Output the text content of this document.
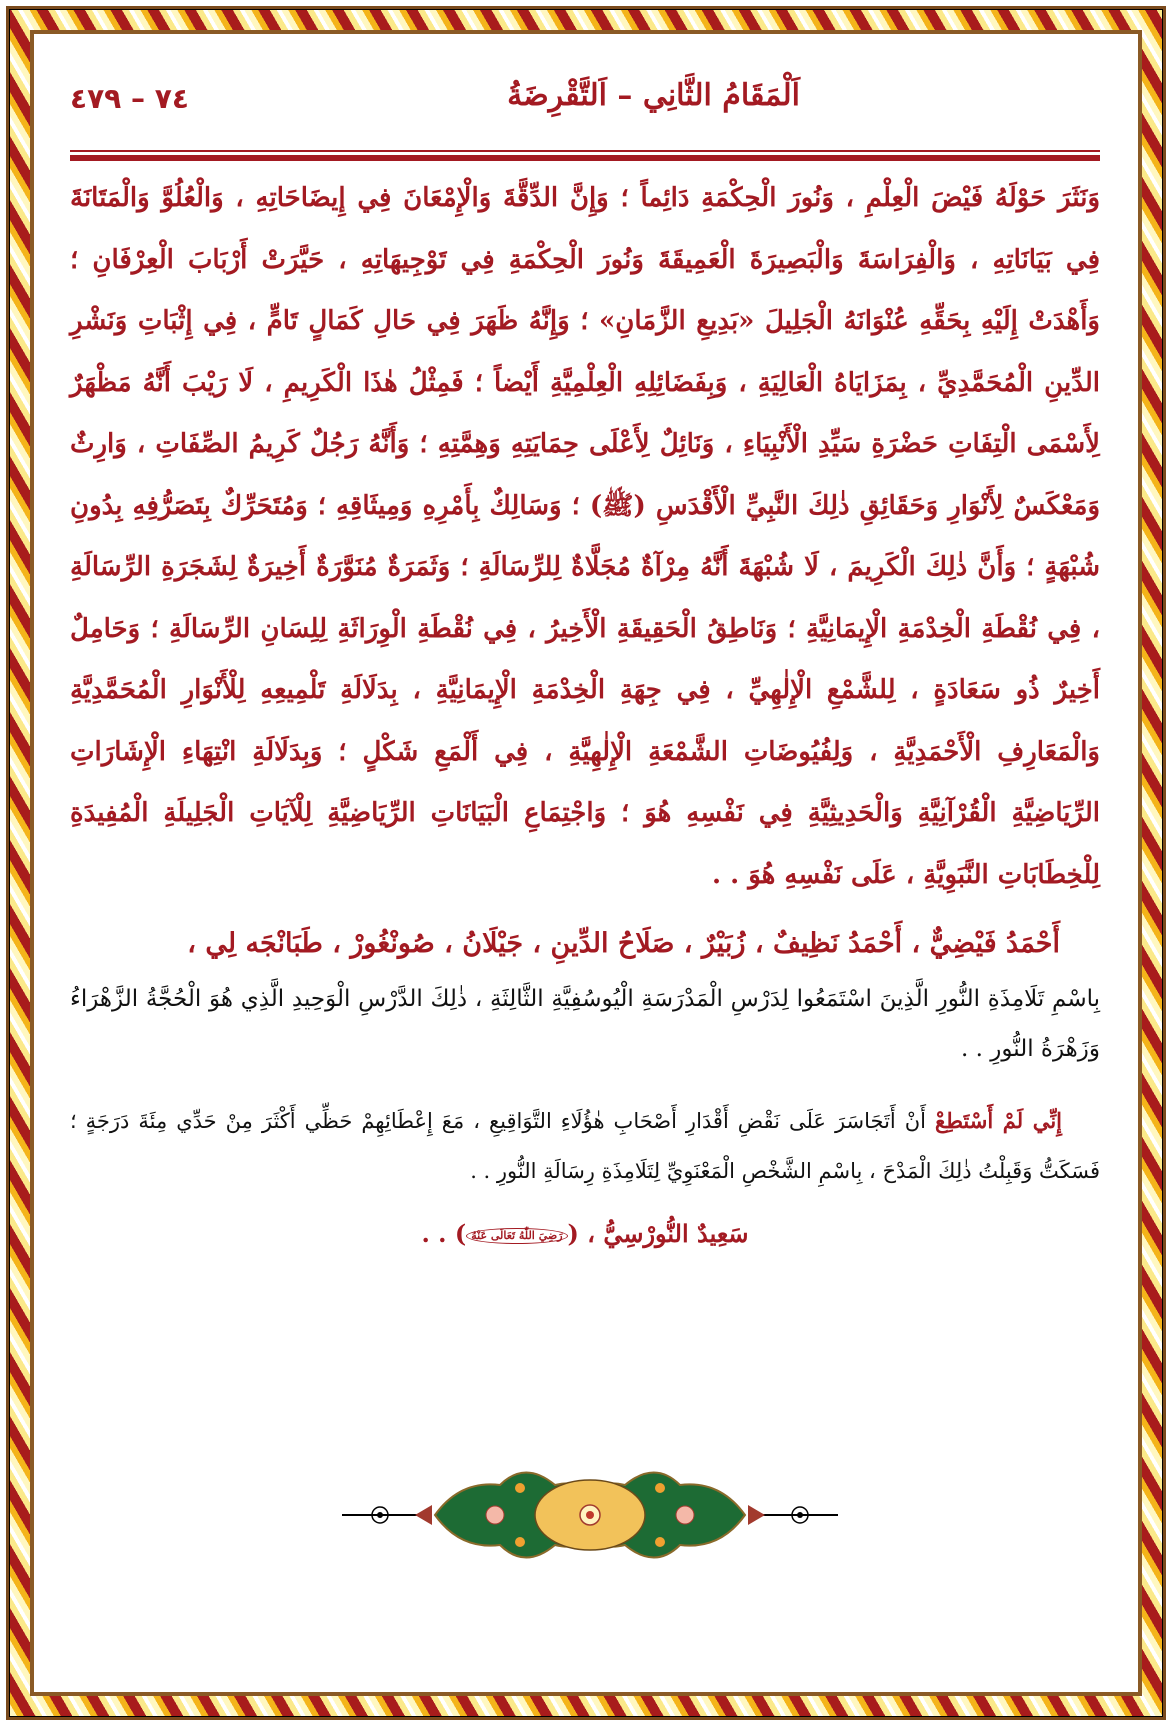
اَلْمَقَامُ الثَّانِي – اَلتَّقْرِضَةُ
٧٤ – ٤٧٩

وَنَثَرَ حَوْلَهُ فَيْضَ الْعِلْمِ ، وَنُورَ الْحِكْمَةِ دَائِماً ؛ وَإِنَّ الدِّقَّةَ وَالْإِمْعَانَ فِي إِيضَاحَاتِهِ ، وَالْعُلُوَّ وَالْمَتَانَةَ فِي بَيَانَاتِهِ ، وَالْفِرَاسَةَ وَالْبَصِيرَةَ الْعَمِيقَةَ وَنُورَ الْحِكْمَةِ فِي تَوْجِيهَاتِهِ ، حَيَّرَتْ أَرْبَابَ الْعِرْفَانِ ؛ وَأَهْدَتْ إِلَيْهِ بِحَقِّهِ عُنْوَانَهُ الْجَلِيلَ «بَدِيعِ الزَّمَانِ» ؛ وَإِنَّهُ ظَهَرَ فِي حَالِ كَمَالٍ تَامٍّ ، فِي إِثْبَاتِ وَنَشْرِ الدِّينِ الْمُحَمَّدِيِّ ، بِمَزَايَاهُ الْعَالِيَةِ ، وَبِفَضَائِلِهِ الْعِلْمِيَّةِ أَيْضاً ؛ فَمِثْلُ هٰذَا الْكَرِيمِ ، لَا رَيْبَ أَنَّهُ مَظْهَرٌ لِأَسْمَى الْتِفَاتِ حَضْرَةِ سَيِّدِ الْأَنْبِيَاءِ ، وَنَائِلٌ لِأَعْلَى حِمَايَتِهِ وَهِمَّتِهِ ؛ وَأَنَّهُ رَجُلٌ كَرِيمُ الصِّفَاتِ ، وَارِثٌ وَمَعْكَسٌ لِأَنْوَارِ وَحَقَائِقِ ذٰلِكَ النَّبِيِّ الْأَقْدَسِ (ﷺ) ؛ وَسَالِكٌ بِأَمْرِهِ وَمِيثَاقِهِ ؛ وَمُتَحَرِّكٌ بِتَصَرُّفِهِ بِدُونِ شُبْهَةٍ ؛ وَأَنَّ ذٰلِكَ الْكَرِيمَ ، لَا شُبْهَةَ أَنَّهُ مِرْآةٌ مُجَلَّاةٌ لِلرِّسَالَةِ ؛ وَثَمَرَةٌ مُنَوَّرَةٌ أَخِيرَةٌ لِشَجَرَةِ الرِّسَالَةِ ، فِي نُقْطَةِ الْخِدْمَةِ الْإِيمَانِيَّةِ ؛ وَنَاطِقُ الْحَقِيقَةِ الْأَخِيرُ ، فِي نُقْطَةِ الْوِرَاثَةِ لِلِسَانِ الرِّسَالَةِ ؛ وَحَامِلٌ أَخِيرٌ ذُو سَعَادَةٍ ، لِلشَّمْعِ الْإِلٰهِيِّ ، فِي جِهَةِ الْخِدْمَةِ الْإِيمَانِيَّةِ ، بِدَلَالَةِ تَلْمِيعِهِ لِلْأَنْوَارِ الْمُحَمَّدِيَّةِ وَالْمَعَارِفِ الْأَحْمَدِيَّةِ ، وَلِفُيُوضَاتِ الشَّمْعَةِ الْإِلٰهِيَّةِ ، فِي أَلْمَعِ شَكْلٍ ؛ وَبِدَلَالَةِ انْتِهَاءِ الْإِشَارَاتِ الرِّيَاضِيَّةِ الْقُرْآنِيَّةِ وَالْحَدِيثِيَّةِ فِي نَفْسِهِ هُوَ ؛ وَاجْتِمَاعِ الْبَيَانَاتِ الرِّيَاضِيَّةِ لِلْآيَاتِ الْجَلِيلَةِ الْمُفِيدَةِ لِلْخِطَابَاتِ النَّبَوِيَّةِ ، عَلَى نَفْسِهِ هُوَ . .

أَحْمَدُ فَيْضِيٌّ ، أَحْمَدُ نَظِيفٌ ، زُبَيْرٌ ، صَلَاحُ الدِّينِ ، جَيْلَانُ ، صُونْغُورْ ، طَبَانْجَه لِي ،

بِاسْمِ تَلَامِذَةِ النُّورِ الَّذِينَ اسْتَمَعُوا لِدَرْسِ الْمَدْرَسَةِ الْيُوسُفِيَّةِ الثَّالِثَةِ ، ذٰلِكَ الدَّرْسِ الْوَحِيدِ الَّذِي هُوَ الْحُجَّةُ الزَّهْرَاءُ وَزَهْرَةُ النُّورِ . .

إِنِّي لَمْ أَسْتَطِعْ أَنْ أَتَجَاسَرَ عَلَى نَقْضِ أَقْدَارِ أَصْحَابِ هٰؤُلَاءِ التَّوَاقِيعِ ، مَعَ إِعْطَائِهِمْ حَظِّي أَكْثَرَ مِنْ حَدِّي مِئَةَ دَرَجَةٍ ؛ فَسَكَتُّ وَقَبِلْتُ ذٰلِكَ الْمَدْحَ ، بِاسْمِ الشَّخْصِ الْمَعْنَوِيِّ لِتَلَامِذَةِ رِسَالَةِ النُّورِ . .

سَعِيدٌ النُّورْسِيُّ ، (رَضِيَ اللّٰهُ تَعَالَى عَنْهُ) . .
